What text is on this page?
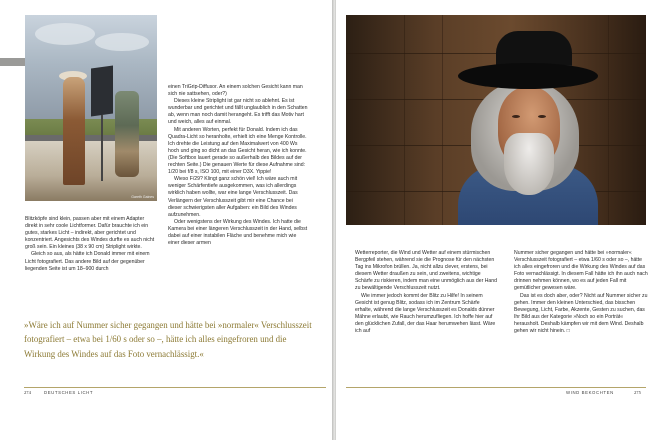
Gareth Gaines

Blitzköpfe sind klein, passen aber mit einem Adapter direkt in sehr coole Lichtformer. Dafür brauchte ich ein gutes, starkes Licht – indirekt, aber gerichtet und konzentriert. Angesichts des Windes durfte es auch nicht groß sein. Ein kleines (38 x 90 cm) Striplight wirkte.

Gleich so aus, als hätte ich Donald immer mit einem Licht fotografiert. Das andere Bild auf der gegenüber liegenden Seite ist um 18–900 durch

einen TriGrip-Diffusor. An einem solchen Gesicht kann man sich nie sattsehen, oder?)

Dieses kleine Striplight ist gar nicht so ablehnt. Es ist wunderbar und gerichtet und fällt unglaublich in den Schatten ab, wenn man noch damit herangeht. Es trifft das Motiv hart und weich, alles auf einmal.

Mit anderen Worten, perfekt für Donald. Indem ich das Quadra-Licht so heranholte, erhielt ich eine Menge Kontrolle. Ich drehte die Leistung auf den Maximalwert von 400 Ws hoch und ging so dicht an das Gesicht heran, wie ich konnte. (Die Softbox lauert gerade so außerhalb des Bildes auf der rechten Seite.) Die genauen Werte für diese Aufnahme sind: 1/20 bei f/8 s, ISO 100, mit einer D3X. Yippie!

Wieso F/29? Klingt ganz schön viel! Ich wäre auch mit weniger Schärfentiefe ausgekommen, was ich allerdings wirklich haben wollte, war eine lange Verschlusszeit. Das Verlängern der Verschlusszeit gibt mir eine Chance bei dieser schwierigsten aller Aufgaben: ein Bild des Windes aufzunehmen.

Oder wenigstens der Wirkung des Windes. Ich hatte die Kamera bei einer längeren Verschlusszeit in der Hand, selbst dabei auf einer instabilen Fläche und benehme mich wie einer dieser armen

»Wäre ich auf Nummer sicher gegangen und hätte bei »normaler« Verschlusszeit fotografiert – etwa bei 1/60 s oder so –, hätte ich alles eingefroren und die Wirkung des Windes auf das Foto vernachlässigt.«

274	DEUTSCHES LICHT

Wetterreporter, die Wind und Wetter auf einem stürmischen Bergpfeil stehen, während sie die Prognose für den nächsten Tag ins Mikrofon brüllen. Ja, nicht allzu clever, erstens, bei diesem Wetter draußen zu sein, und zweitens, wichtige Schärfe zu riskieren, indem man eine unmöglich aus der Hand zu bewältigende Verschlusszeit nutzt.

Wie immer jedoch kommt der Blitz zu Hilfe! In seinem Gesicht ist genug Blitz, sodass ich im Zentrum Schärfe erhalte, während die lange Verschlusszeit es Donalds dünner Mähne erlaubt, wie Rauch herumzufliegen. Ich hoffe hier auf den glücklichen Zufall, der das Haar herumwehen lässt. Wäre ich auf

Nummer sicher gegangen und hätte bei »normaler« Verschlusszeit fotografiert – etwa 1/60 s oder so –, hätte ich alles eingefroren und die Wirkung des Windes auf das Foto vernachlässigt. In diesem Fall hätte ich ihn auch nach drinnen nehmen können, wo es auf jeden Fall mit gemütlicher gewesen wäre.

Das ist es doch aber, oder? Nicht auf Nummer sicher zu gehen. Immer den kleinen Unterschied, das bisschen Bewegung, Licht, Farbe, Akzente, Gesten zu suchen, das Ihr Bild aus der Kategorie »Noch so ein Porträt« herausholt. Deshalb kämpfen wir mit dem Wind. Deshalb gehen wir nicht hinein. □

WIND BEKOCHTEN	275
